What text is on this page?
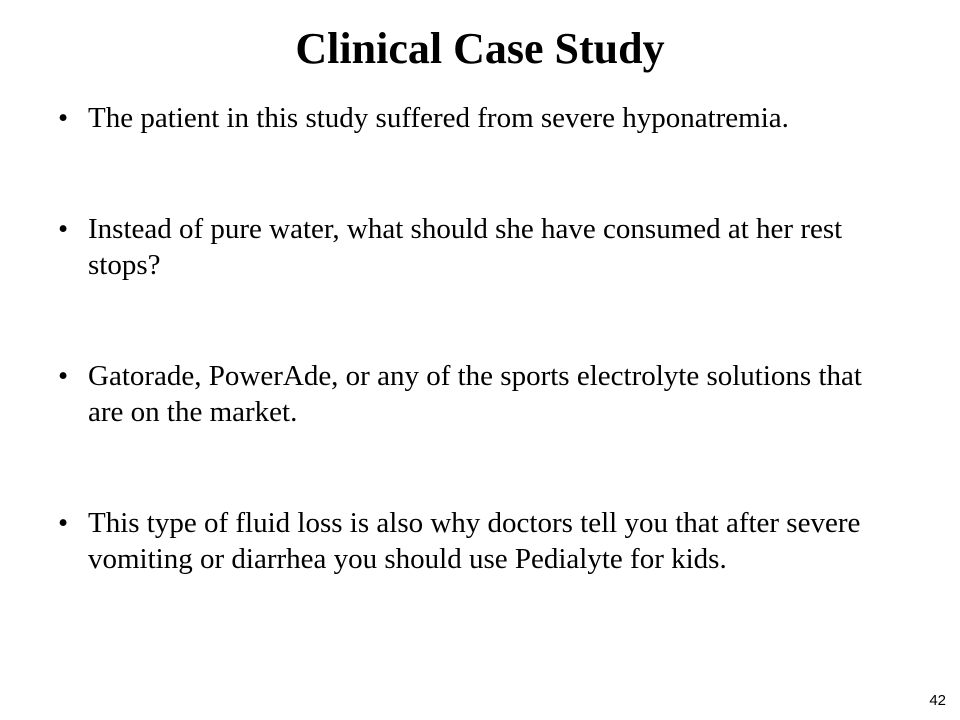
Clinical Case Study
• The patient in this study suffered from severe hyponatremia.
• Instead of pure water, what should she have consumed at her rest stops?
• Gatorade, PowerAde, or any of the sports electrolyte solutions that are on the market.
• This type of fluid loss is also why doctors tell you that after severe vomiting or diarrhea you should use Pedialyte for kids.
42
